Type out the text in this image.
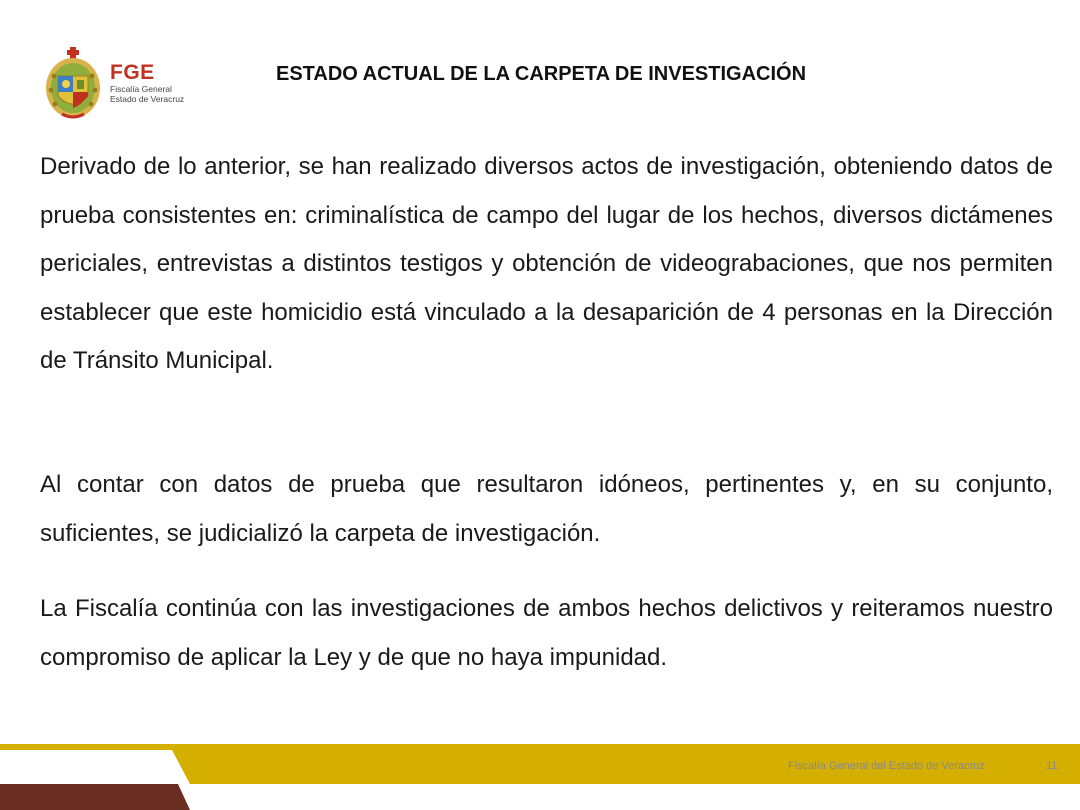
FGE
Fiscalía General
Estado de Veracruz
ESTADO ACTUAL DE LA CARPETA DE INVESTIGACIÓN

Derivado de lo anterior, se han realizado diversos actos de investigación, obteniendo datos de prueba consistentes en: criminalística de campo del lugar de los hechos, diversos dictámenes periciales, entrevistas a distintos testigos y obtención de videograbaciones, que nos permiten establecer que este homicidio está vinculado a la desaparición de 4 personas en la Dirección de Tránsito Municipal.

Al contar con datos de prueba que resultaron idóneos, pertinentes y, en su conjunto, suficientes, se judicializó la carpeta de investigación.

La Fiscalía continúa con las investigaciones de ambos hechos delictivos y reiteramos nuestro compromiso de aplicar la Ley y de que no haya impunidad.

Fiscalía General del Estado de Veracruz	11
